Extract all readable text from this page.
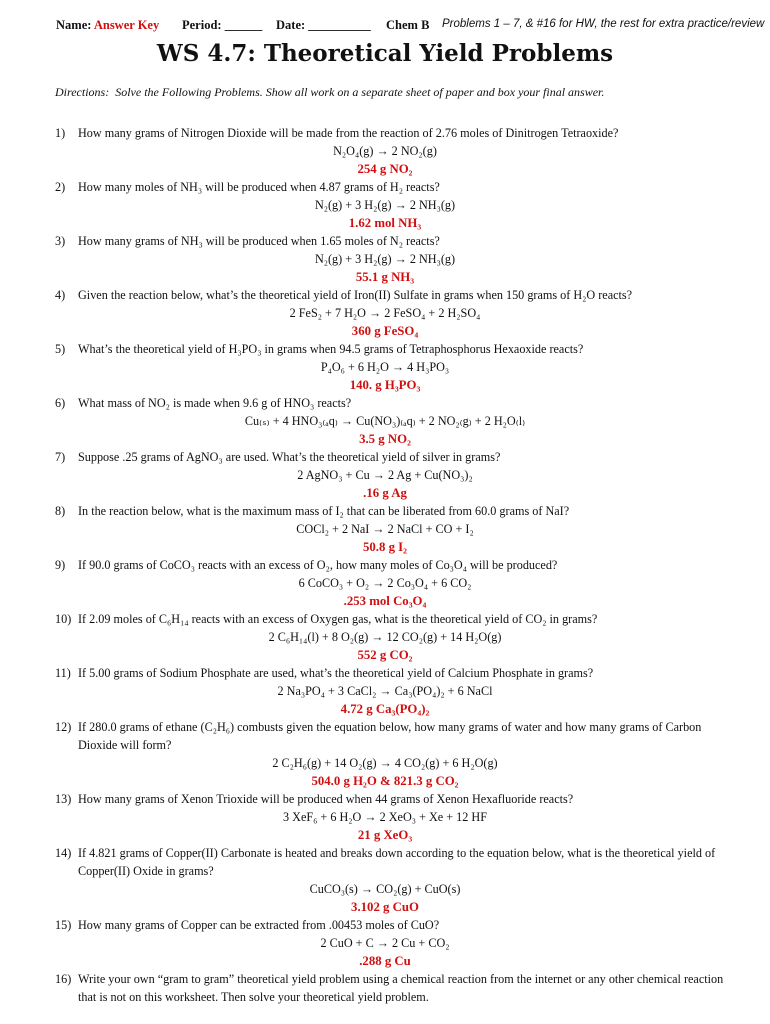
Name: Answer Key Period: ______ Date: __________ Chem B Problems 1 – 7, & #16 for HW, the rest for extra practice/review
WS 4.7: Theoretical Yield Problems
Directions: Solve the Following Problems. Show all work on a separate sheet of paper and box your final answer.
1) How many grams of Nitrogen Dioxide will be made from the reaction of 2.76 moles of Dinitrogen Tetraoxide?
N₂O₄(g) → 2 NO₂(g)
254 g NO₂
2) How many moles of NH₃ will be produced when 4.87 grams of H₂ reacts?
N₂(g) + 3 H₂(g) → 2 NH₃(g)
1.62 mol NH₃
3) How many grams of NH₃ will be produced when 1.65 moles of N₂ reacts?
N₂(g) + 3 H₂(g) → 2 NH₃(g)
55.1 g NH₃
4) Given the reaction below, what’s the theoretical yield of Iron(II) Sulfate in grams when 150 grams of H₂O reacts?
2 FeS₂ + 7 H₂O → 2 FeSO₄ + 2 H₂SO₄
360 g FeSO₄
5) What’s the theoretical yield of H₃PO₃ in grams when 94.5 grams of Tetraphosphorus Hexaoxide reacts?
P₄O₆ + 6 H₂O → 4 H₃PO₃
140. g H₃PO₃
6) What mass of NO₂ is made when 9.6 g of HNO₃ reacts?
Cu₍ₛ₎ + 4 HNO₃₍ₐq₎ → Cu(NO₃)₍ₐq₎ + 2 NO₂₍g₎ + 2 H₂O₍l₎
3.5 g NO₂
7) Suppose .25 grams of AgNO₃ are used. What’s the theoretical yield of silver in grams?
2 AgNO₃ + Cu → 2 Ag + Cu(NO₃)₂
.16 g Ag
8) In the reaction below, what is the maximum mass of I₂ that can be liberated from 60.0 grams of NaI?
COCl₂ + 2 NaI → 2 NaCl + CO + I₂
50.8 g I₂
9) If 90.0 grams of CoCO₃ reacts with an excess of O₂, how many moles of Co₃O₄ will be produced?
6 CoCO₃ + O₂ → 2 Co₃O₄ + 6 CO₂
.253 mol Co₃O₄
10) If 2.09 moles of C₆H₁₄ reacts with an excess of Oxygen gas, what is the theoretical yield of CO₂ in grams?
2 C₆H₁₄(l) + 8 O₂(g) → 12 CO₂(g) + 14 H₂O(g)
552 g CO₂
11) If 5.00 grams of Sodium Phosphate are used, what’s the theoretical yield of Calcium Phosphate in grams?
2 Na₃PO₄ + 3 CaCl₂ → Ca₃(PO₄)₂ + 6 NaCl
4.72 g Ca₃(PO₄)₂
12) If 280.0 grams of ethane (C₂H₆) combusts given the equation below, how many grams of water and how many grams of Carbon Dioxide will form?
2 C₂H₆(g) + 14 O₂(g) → 4 CO₂(g) + 6 H₂O(g)
504.0 g H₂O & 821.3 g CO₂
13) How many grams of Xenon Trioxide will be produced when 44 grams of Xenon Hexafluoride reacts?
3 XeF₆ + 6 H₂O → 2 XeO₃ + Xe + 12 HF
21 g XeO₃
14) If 4.821 grams of Copper(II) Carbonate is heated and breaks down according to the equation below, what is the theoretical yield of Copper(II) Oxide in grams?
CuCO₃(s) → CO₂(g) + CuO(s)
3.102 g CuO
15) How many grams of Copper can be extracted from .00453 moles of CuO?
2 CuO + C → 2 Cu + CO₂
.288 g Cu
16) Write your own “gram to gram” theoretical yield problem using a chemical reaction from the internet or any other chemical reaction that is not on this worksheet. Then solve your theoretical yield problem.
